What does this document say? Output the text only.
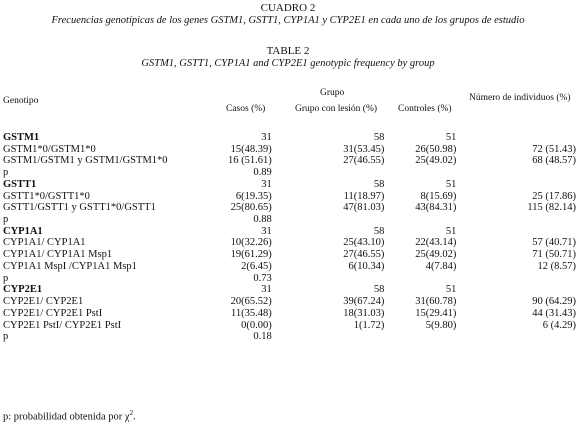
CUADRO 2
Frecuencias genotípicas de los genes GSTM1, GSTT1, CYP1A1 y CYP2E1 en cada uno de los grupos de estudio
TABLE 2
GSTM1, GSTT1, CYP1A1 and CYP2E1 genotypic frequency by group
Genotipo
Grupo
Casos (%)	Grupo con lesión (%) Controles (%)
Número de individuos (%)
GSTM1	31	58	51	
GSTM1*0/GSTM1*0	15(48.39)	31(53.45)	26(50.98)	72 (51.43)
GSTM1/GSTM1 y GSTM1/GSTM1*0	16 (51.61)	27(46.55)	25(49.02)	68 (48.57)
p	0.89			
GSTT1	31	58	51	
GSTT1*0/GSTT1*0	6(19.35)	11(18.97)	8(15.69)	25 (17.86)
GSTT1/GSTT1 y GSTT1*0/GSTT1	25(80.65)	47(81.03)	43(84.31)	115 (82.14)
p	0.88			
CYP1A1	31	58	51	
CYP1A1/ CYP1A1	10(32.26)	25(43.10)	22(43.14)	57 (40.71)
CYP1A1/ CYP1A1 Msp1	19(61.29)	27(46.55)	25(49.02)	71 (50.71)
CYP1A1 MspI /CYP1A1 Msp1	2(6.45)	6(10.34)	4(7.84)	12 (8.57)
p	0.73			
CYP2E1	31	58	51	
CYP2E1/ CYP2E1	20(65.52)	39(67.24)	31(60.78)	90 (64.29)
CYP2E1/ CYP2E1 PstI	11(35.48)	18(31.03)	15(29.41)	44 (31.43)
CYP2E1 PstI/ CYP2E1 PstI	0(0.00)	1(1.72)	5(9.80)	6 (4.29)
p	0.18			
p: probabilidad obtenida por $\chi^2$.
